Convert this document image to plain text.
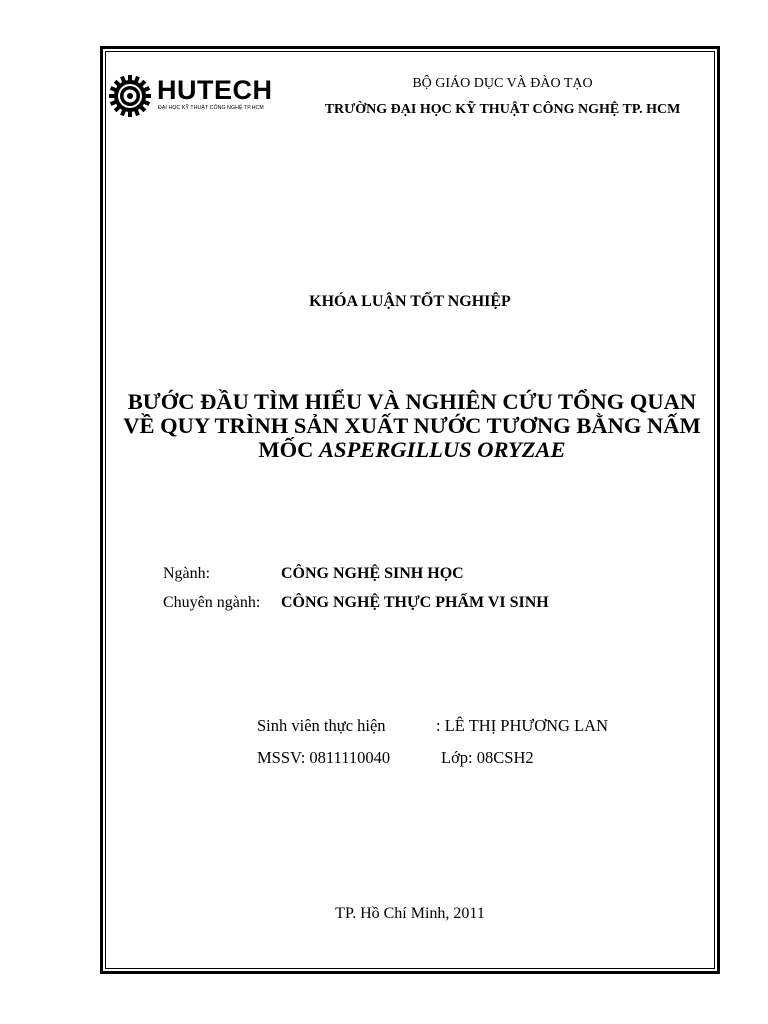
HUTECH
ĐẠI HỌC KỸ THUẬT CÔNG NGHỆ TP.HCM
BỘ GIÁO DỤC VÀ ĐÀO TẠO
TRƯỜNG ĐẠI HỌC KỸ THUẬT CÔNG NGHỆ TP. HCM
KHÓA LUẬN TỐT NGHIỆP
BƯỚC ĐẦU TÌM HIỂU VÀ NGHIÊN CỨU TỔNG QUAN
VỀ QUY TRÌNH SẢN XUẤT NƯỚC TƯƠNG BẰNG NẤM
MỐC ASPERGILLUS ORYZAE
Ngành:	CÔNG NGHỆ SINH HỌC
Chuyên ngành: CÔNG NGHỆ THỰC PHẨM VI SINH
Sinh viên thực hiện	: LÊ THỊ PHƯƠNG LAN
MSSV: 0811110040	Lớp: 08CSH2
TP. Hồ Chí Minh, 2011
